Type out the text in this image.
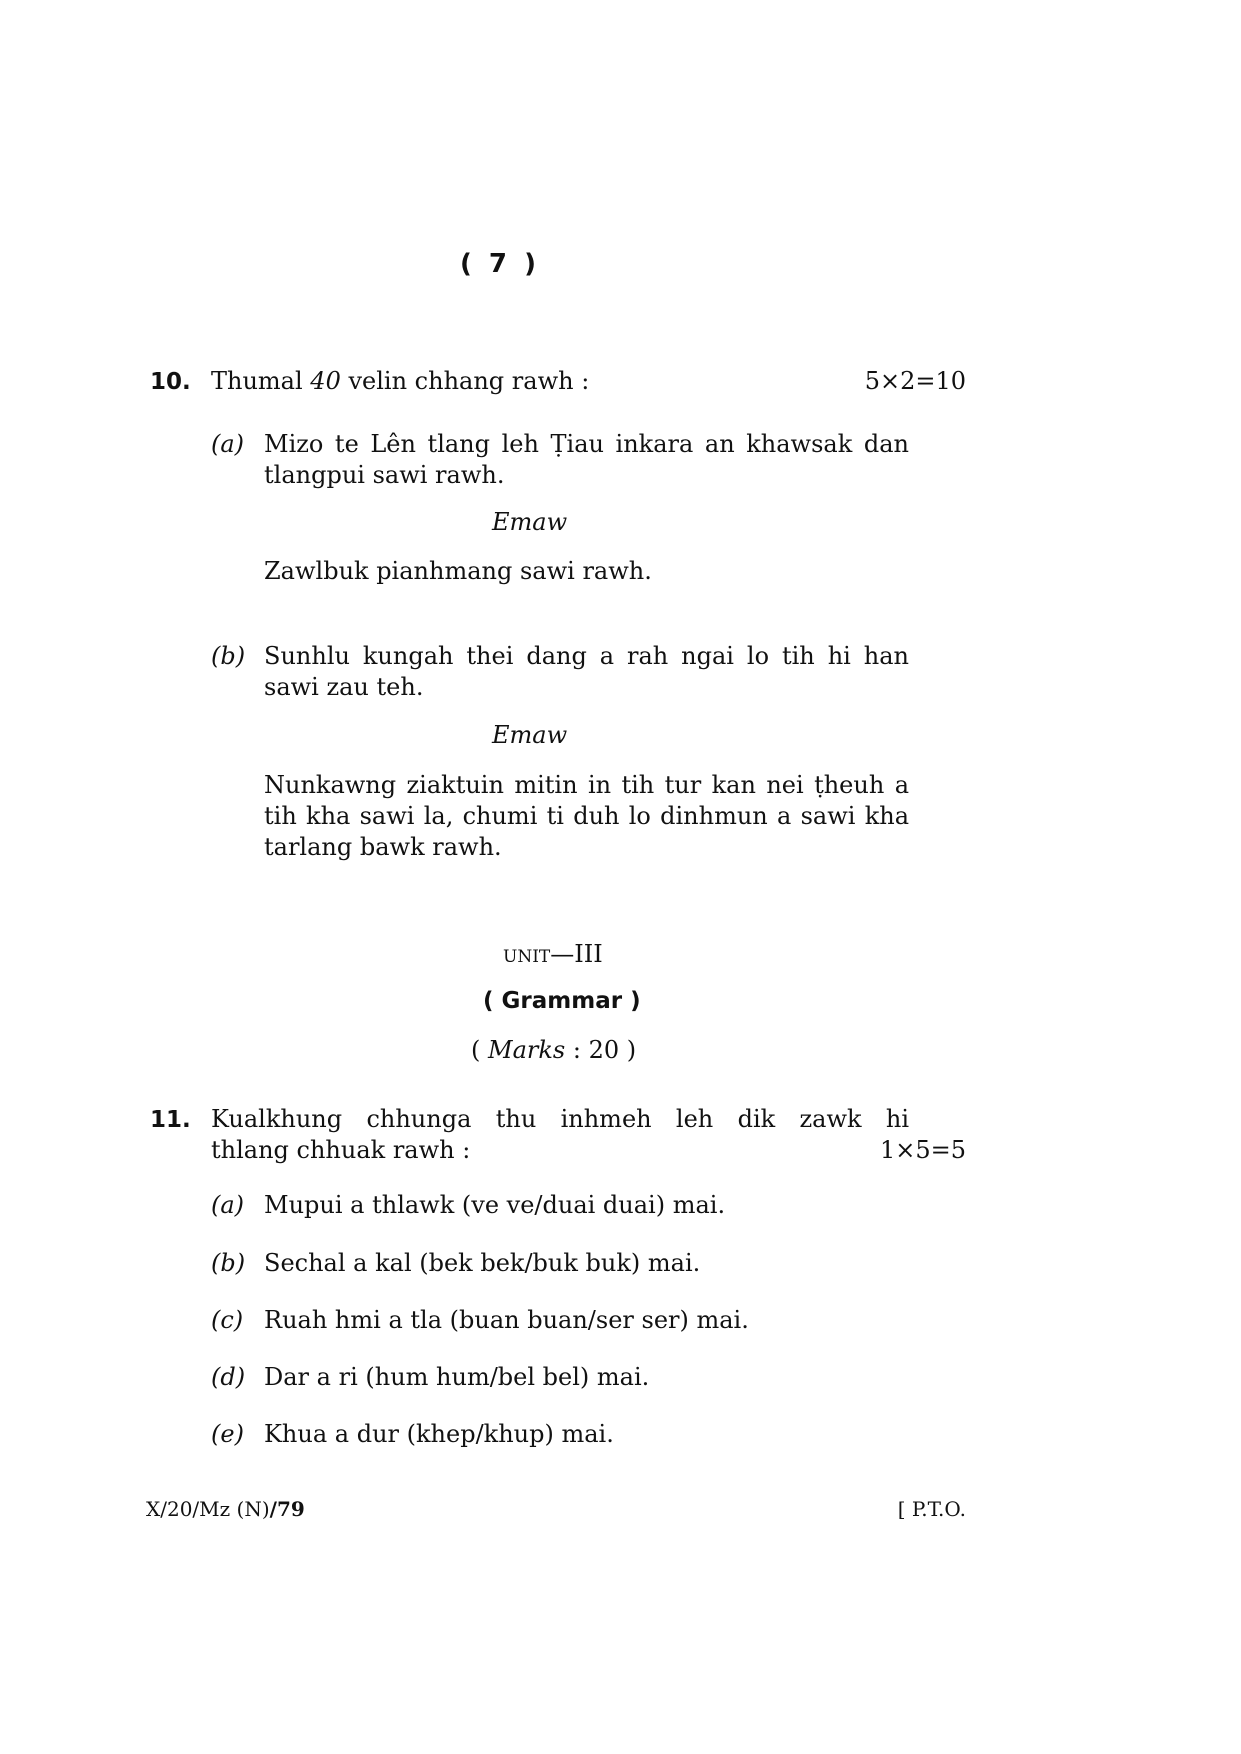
( 7 )
10. Thumal 40 velin chhang rawh :	5×2=10
(a) Mizo te Lên tlang leh Ṭiau inkara an khawsak dan
tlangpui sawi rawh.
Emaw
Zawlbuk pianhmang sawi rawh.
(b) Sunhlu kungah thei dang a rah ngai lo tih hi han
sawi zau teh.
Emaw
Nunkawng ziaktuin mitin in tih tur kan nei ṭheuh a
tih kha sawi la, chumi ti duh lo dinhmun a sawi kha
tarlang bawk rawh.
unit—III
( Grammar )
( Marks : 20 )
11. Kualkhung chhunga thu inhmeh leh dik zawk hi
thlang chhuak rawh :	1×5=5
(a) Mupui a thlawk (ve ve/duai duai) mai.
(b) Sechal a kal (bek bek/buk buk) mai.
(c) Ruah hmi a tla (buan buan/ser ser) mai.
(d) Dar a ri (hum hum/bel bel) mai.
(e) Khua a dur (khep/khup) mai.
X/20/Mz (N)/79	[ P.T.O.
